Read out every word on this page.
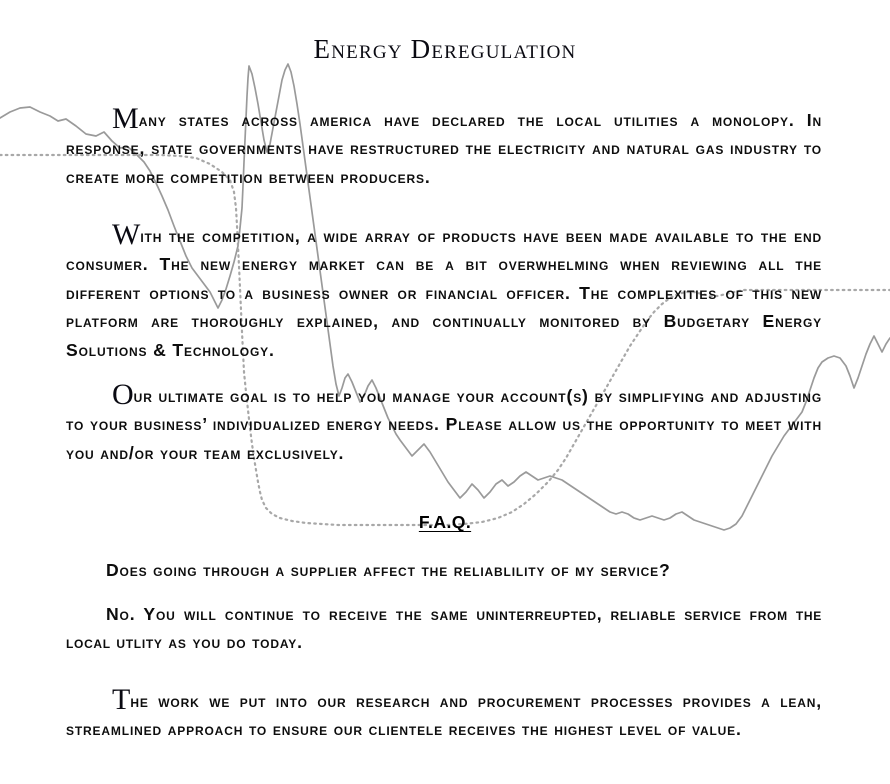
Energy Deregulation

Many states across america have declared the local utilities a monolopy. In response, state governments have restructured the electricity and natural gas industry to create more competition between producers.

With the competition, a wide array of products have been made available to the end consumer. The new energy market can be a bit overwhelming when reviewing all the different options to a business owner or financial officer. The complexities of this new platform are thoroughly explained, and continually monitored by Budgetary Energy Solutions & Technology.

Our ultimate goal is to help you manage your account(s) by simplifying and adjusting to your business’ individualized energy needs. Please allow us the opportunity to meet with you and/or your team exclusively.

F.A.Q.

Does going through a supplier affect the reliablility of my service?

No. You will continue to receive the same uninterreupted, reliable service from the local utlity as you do today.

The work we put into our research and procurement processes provides a lean, streamlined approach to ensure our clientele receives the highest level of value.
